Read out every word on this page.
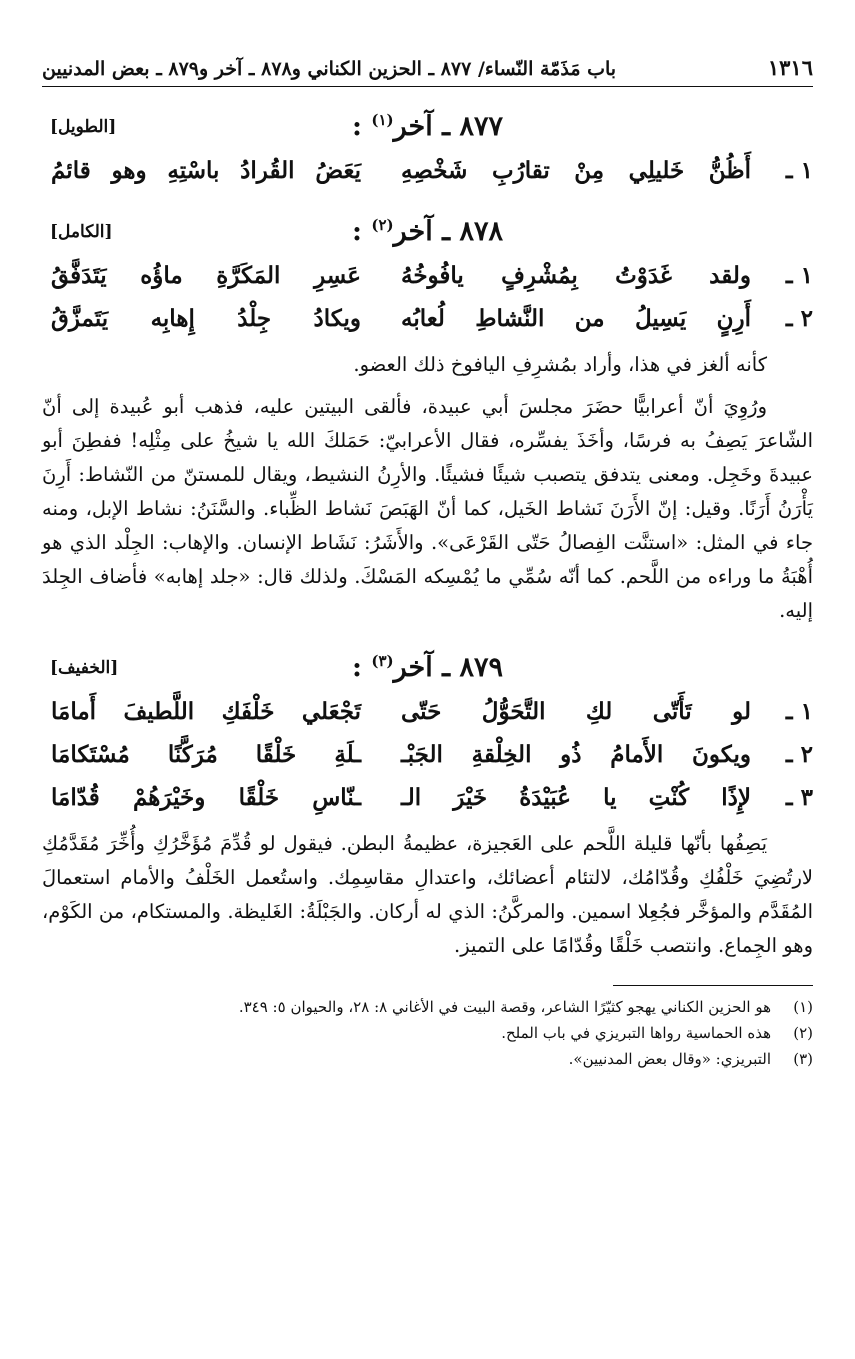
١٣١٦
باب مَذَمّة النّساء/ ٨٧٧ ـ الحزين الكناني و٨٧٨ ـ آخر و٨٧٩ ـ بعض المدنيين
٨٧٧ ـ آخر$^{(١)}$ :
[الطويل]
١ ـ
أَظُنُّ خَليلِي مِنْ تقارُبِ شَخْصِهِ
يَعَضُ القُرادُ باسْتِهِ وهو قائمُ
٨٧٨ ـ آخر$^{(٢)}$ :
[الكامل]
١ ـ
ولقد غَدَوْتُ بِمُشْرِفٍ يافُوخُهُ
عَسِرِ المَكَرَّةِ ماؤُه يَتَدَفَّقُ
٢ ـ
أَرِنٍ يَسِيلُ من النَّشاطِ لُعابُه
ويكادُ جِلْدُ إِهابِه يَتَمزَّقُ

كأنه ألغز في هذا، وأراد بمُشرِفِ اليافوخ ذلك العضو.

ورُوِيَ أنّ أعرابيًّا حضَرَ مجلسَ أبي عبيدة، فألقى البيتين عليه، فذهب أبو عُبيدة إلى أنّ الشّاعرَ يَصِفُ به فرسًا، وأخَذَ يفسِّره، فقال الأعرابيّ: حَمَلكَ الله يا شيخُ على مِثْلِه! ففطِنَ أبو عبيدةَ وخَجِل. ومعنى يتدفق يتصبب شيئًا فشيئًا. والأرِنُ النشيط، ويقال للمستنّ من النّشاط: أَرِنَ يَأْرَنُ أَرَنًا. وقيل: إنّ الأَرَنَ نَشاط الخَيل، كما أنّ الهَبَصَ نَشاط الظِّباء. والسَّنَنُ: نشاط الإبل، ومنه جاء في المثل: «استنَّت الفِصالُ حَتّى القَرْعَى». والأَشَرُ: نَشَاط الإنسان. والإهاب: الجِلْد الذي هو أُهْبَةُ ما وراءه من اللَّحم. كما أنّه سُمِّي ما يُمْسِكه المَسْكَ. ولذلك قال: «جلد إهابه» فأضاف الجِلدَ إليه.

٨٧٩ ـ آخر$^{(٣)}$ :
[الخفيف]
١ ـ
لو تَأَتّى لكِ التَّحَوُّلُ حَتّى
تَجْعَلي خَلْفَكِ اللَّطيفَ أَمامَا
٢ ـ
ويكونَ الأَمامُ ذُو الخِلْقةِ الجَبْـ
ـلَةِ خَلْقًا مُرَكَّنًا مُسْتَكامَا
٣ ـ
لإِذًا كُنْتِ يا عُبَيْدَةُ خَيْرَ الـ
ـنّاسِ خَلْقًا وخَيْرَهُمْ قُدّامَا

يَصِفُها بأنّها قليلة اللَّحم على العَجيزة، عظيمةُ البطن. فيقول لو قُدِّمَ مُؤَخَّرُكِ وأُخِّرَ مُقَدَّمُكِ لارتُضِيَ خَلْفُكِ وقُدّامُك، لالتئام أعضائك، واعتدالِ مقاسِمِك. واستُعمل الخَلْفُ والأمام استعمالَ المُقَدَّم والمؤخَّر فجُعِلا اسمين. والمركَّنُ: الذي له أركان. والجَبْلَةُ: الغَليظة. والمستكام، من الكَوْم، وهو الجِماع. وانتصب خَلْقًا وقُدّامًا على التميز.

(١)
هو الحزين الكناني يهجو كثيّرًا الشاعر، وقصة البيت في الأغاني ٨: ٢٨، والحيوان ٥: ٣٤٩.
(٢)
هذه الحماسية رواها التبريزي في باب الملح.
(٣)
التبريزي: «وقال بعض المدنيين».
